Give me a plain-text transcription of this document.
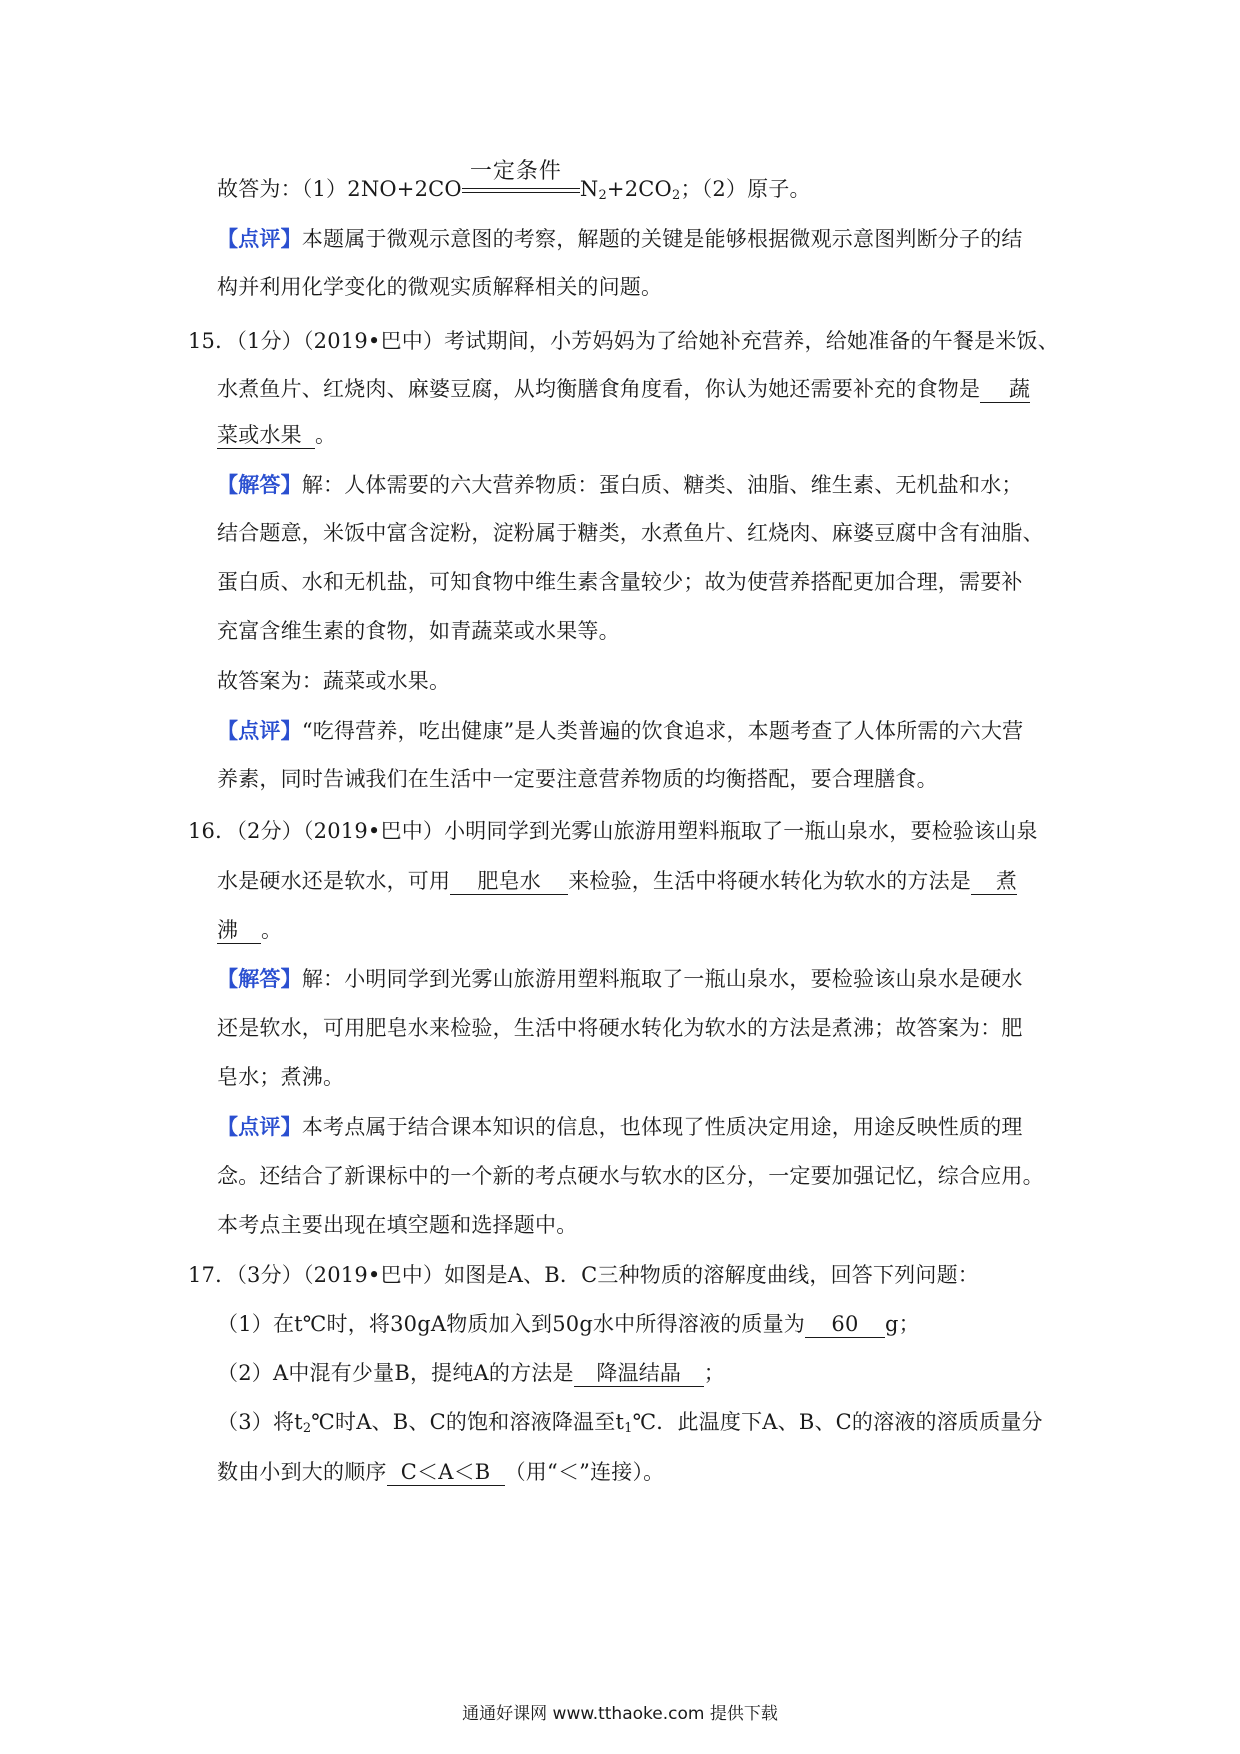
故答为：（1）2NO+2CO
一定条件
$N_2+2CO_2$；（2）原子。
【点评】本题属于微观示意图的考察，解题的关键是能够根据微观示意图判断分子的结
构并利用化学变化的微观实质解释相关的问题。
15．（1分）（2019•巴中）考试期间，小芳妈妈为了给她补充营养，给她准备的午餐是米饭、
水煮鱼片、红烧肉、麻婆豆腐，从均衡膳食角度看，你认为她还需要补充的食物是 蔬
菜或水果 。
【解答】解：人体需要的六大营养物质：蛋白质、糖类、油脂、维生素、无机盐和水；
结合题意，米饭中富含淀粉，淀粉属于糖类，水煮鱼片、红烧肉、麻婆豆腐中含有油脂、
蛋白质、水和无机盐，可知食物中维生素含量较少；故为使营养搭配更加合理，需要补
充富含维生素的食物，如青蔬菜或水果等。
故答案为：蔬菜或水果。
【点评】“吃得营养，吃出健康”是人类普遍的饮食追求，本题考查了人体所需的六大营
养素，同时告诫我们在生活中一定要注意营养物质的均衡搭配，要合理膳食。
16．（2分）（2019•巴中）小明同学到光雾山旅游用塑料瓶取了一瓶山泉水，要检验该山泉
水是硬水还是软水，可用 肥皂水 来检验，生活中将硬水转化为软水的方法是 煮
沸 。
【解答】解：小明同学到光雾山旅游用塑料瓶取了一瓶山泉水，要检验该山泉水是硬水
还是软水，可用肥皂水来检验，生活中将硬水转化为软水的方法是煮沸；故答案为：肥
皂水；煮沸。
【点评】本考点属于结合课本知识的信息，也体现了性质决定用途，用途反映性质的理
念。还结合了新课标中的一个新的考点硬水与软水的区分，一定要加强记忆，综合应用。
本考点主要出现在填空题和选择题中。
17．（3分）（2019•巴中）如图是A、B．C三种物质的溶解度曲线，回答下列问题：
（1）在t℃时，将30gA物质加入到50g水中所得溶液的质量为 60 g；
（2）A中混有少量B，提纯A的方法是 降温结晶 ；
（3）将$t_2℃$时A、B、C的饱和溶液降温至$t_1℃$．此温度下A、B、C的溶液的溶质质量分
数由小到大的顺序 C＜A＜B （用“＜”连接）。
通通好课网 www.tthaoke.com 提供下载
